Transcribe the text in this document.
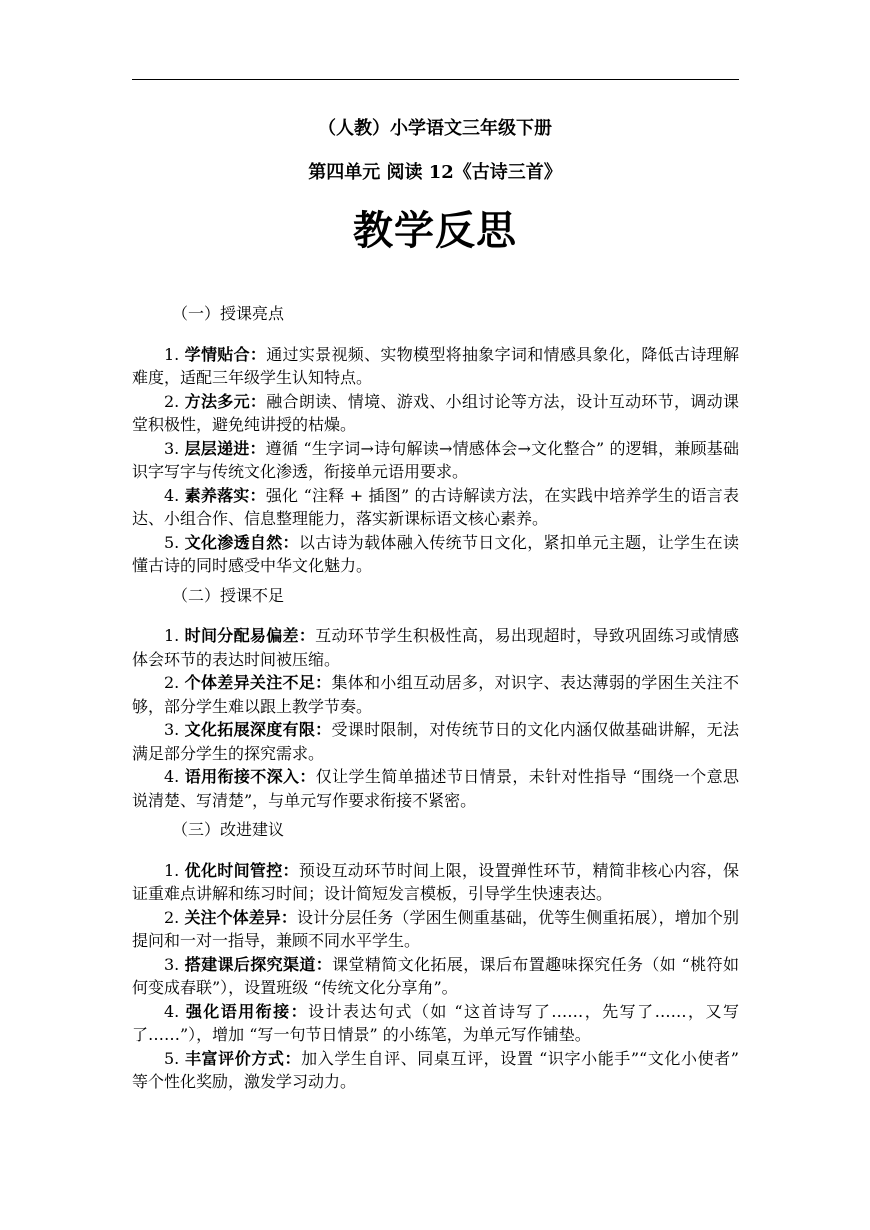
（人教）小学语文三年级下册
第四单元 阅读 12《古诗三首》
教学反思
（一）授课亮点

1. 学情贴合：通过实景视频、实物模型将抽象字词和情感具象化，降低古诗理解难度，适配三年级学生认知特点。

2. 方法多元：融合朗读、情境、游戏、小组讨论等方法，设计互动环节，调动课堂积极性，避免纯讲授的枯燥。

3. 层层递进：遵循 “生字词→诗句解读→情感体会→文化整合” 的逻辑，兼顾基础识字写字与传统文化渗透，衔接单元语用要求。

4. 素养落实：强化 “注释 + 插图” 的古诗解读方法，在实践中培养学生的语言表达、小组合作、信息整理能力，落实新课标语文核心素养。

5. 文化渗透自然：以古诗为载体融入传统节日文化，紧扣单元主题，让学生在读懂古诗的同时感受中华文化魅力。

（二）授课不足

1. 时间分配易偏差：互动环节学生积极性高，易出现超时，导致巩固练习或情感体会环节的表达时间被压缩。

2. 个体差异关注不足：集体和小组互动居多，对识字、表达薄弱的学困生关注不够，部分学生难以跟上教学节奏。

3. 文化拓展深度有限：受课时限制，对传统节日的文化内涵仅做基础讲解，无法满足部分学生的探究需求。

4. 语用衔接不深入：仅让学生简单描述节日情景，未针对性指导 “围绕一个意思说清楚、写清楚”，与单元写作要求衔接不紧密。

（三）改进建议

1. 优化时间管控：预设互动环节时间上限，设置弹性环节，精简非核心内容，保证重难点讲解和练习时间；设计简短发言模板，引导学生快速表达。

2. 关注个体差异：设计分层任务（学困生侧重基础，优等生侧重拓展），增加个别提问和一对一指导，兼顾不同水平学生。

3. 搭建课后探究渠道：课堂精简文化拓展，课后布置趣味探究任务（如 “桃符如何变成春联”），设置班级 “传统文化分享角”。

4. 强化语用衔接：设计表达句式（如 “这首诗写了……，先写了……，又写了……”），增加 “写一句节日情景” 的小练笔，为单元写作铺垫。

5. 丰富评价方式：加入学生自评、同桌互评，设置 “识字小能手”“文化小使者” 等个性化奖励，激发学习动力。
